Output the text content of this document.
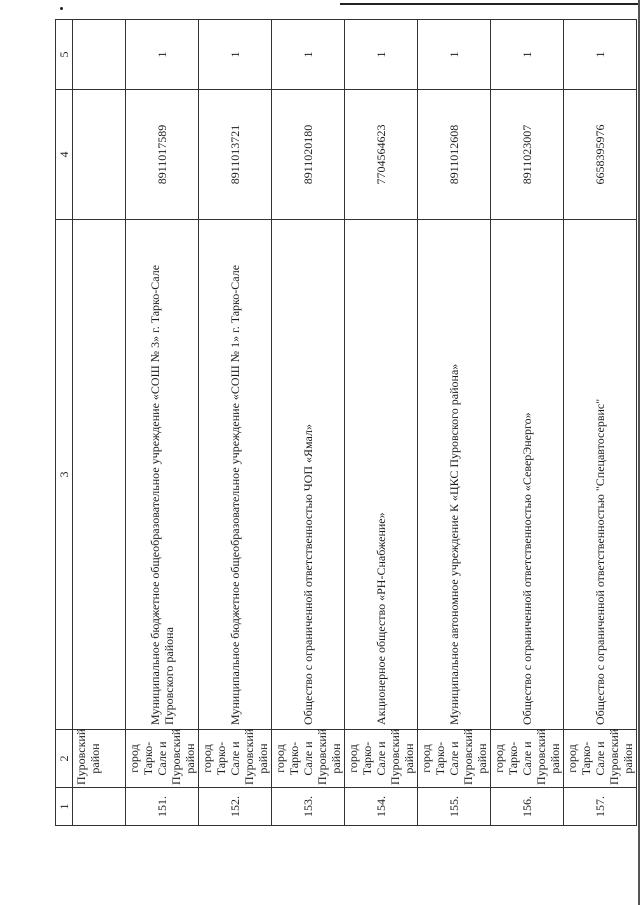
1	2	3	4	5
	Пуровский район			
151.	город Тарко-Сале и Пуровский район	Муниципальное бюджетное общеобразовательное учреждение «СОШ № 3» г. Тарко-Сале Пуровского района	8911017589	1
152.	город Тарко-Сале и Пуровский район	Муниципальное бюджетное общеобразовательное учреждение «СОШ № 1» г. Тарко-Сале	8911013721	1
153.	город Тарко-Сале и Пуровский район	Общество с ограниченной ответственностью ЧОП «Ямал»	8911020180	1
154.	город Тарко-Сале и Пуровский район	Акционерное общество «РН-Снабжение»	7704564623	1
155.	город Тарко-Сале и Пуровский район	Муниципальное автономное учреждение К «ЦКС Пуровского района»	8911012608	1
156.	город Тарко-Сале и Пуровский район	Общество с ограниченной ответственностью «СеверЭнерго»	8911023007	1
157.	город Тарко-Сале и Пуровский район	Общество с ограниченной ответственностью "Спецавтосервис"	6658395976	1
